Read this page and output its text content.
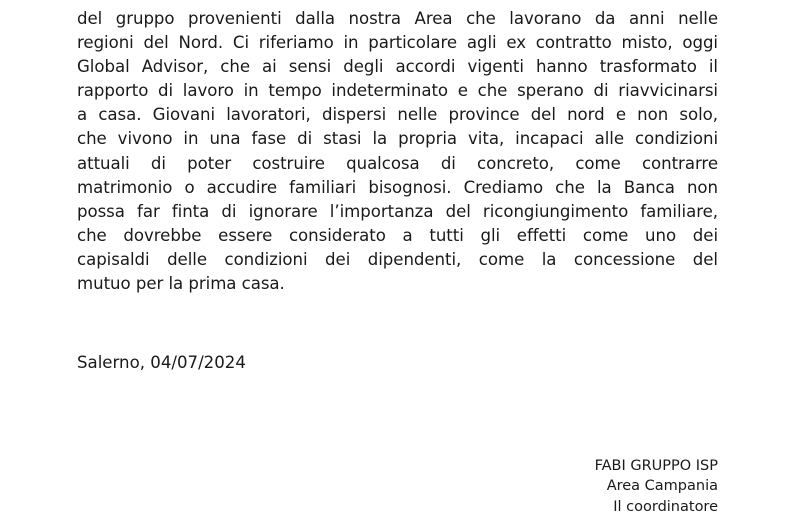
del gruppo provenienti dalla nostra Area che lavorano da anni nelle
regioni del Nord. Ci riferiamo in particolare agli ex contratto misto, oggi
Global Advisor, che ai sensi degli accordi vigenti hanno trasformato il
rapporto di lavoro in tempo indeterminato e che sperano di riavvicinarsi
a casa. Giovani lavoratori, dispersi nelle province del nord e non solo,
che vivono in una fase di stasi la propria vita, incapaci alle condizioni
attuali di poter costruire qualcosa di concreto, come contrarre
matrimonio o accudire familiari bisognosi. Crediamo che la Banca non
possa far finta di ignorare l’importanza del ricongiungimento familiare,
che dovrebbe essere considerato a tutti gli effetti come uno dei
capisaldi delle condizioni dei dipendenti, come la concessione del
mutuo per la prima casa.

Salerno, 04/07/2024

FABI GRUPPO ISP
Area Campania
Il coordinatore
